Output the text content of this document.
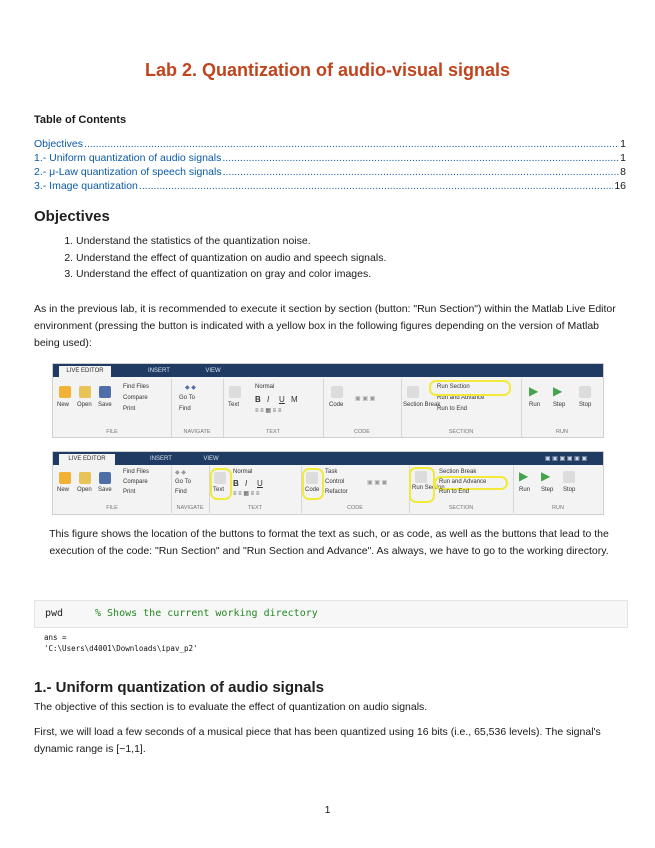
Lab 2. Quantization of audio-visual signals
Table of Contents
Objectives .....	1
1.- Uniform quantization of audio signals .....	1
2.- μ-Law quantization of speech signals .....	8
3.- Image quantization .....	16
Objectives
1. Understand the statistics of the quantization noise.
2. Understand the effect of quantization on audio and speech signals.
3. Understand the effect of quantization on gray and color images.

As in the previous lab, it is recommended to execute it section by section (button: "Run Section") within the Matlab Live Editor environment (pressing the button is indicated with a yellow box in the following figures depending on the version of Matlab being used):

LIVE EDITOR	INSERT	VIEW
New Open Save
Find Files
Compare
Print
FILE
◆ ◆
Go To
Find
NAVIGATE
Text
Normal
B I U M
≡ ≡ ▦ ≡ ≡
TEXT
Code
▣ ▣ ▣
CODE
Section Break
Run Section
Run and Advance
Run to End
SECTION
▶ ▶
Run Step Stop
RUN
LIVE EDITOR	INSERT	VIEW	▣ ▣ ▣ ▣ ▣ ▣
New Open Save
Find Files
Compare
Print
FILE
◆ ◆
Go To
Find
NAVIGATE
Text
Normal
B I U
≡ ≡ ▦ ≡ ≡
TEXT
Code
Task
Control
Refactor
▣ ▣ ▣
CODE
Run Section
Section Break
Run and Advance
Run to End
SECTION
▶ ▶
Run Step Stop
RUN
This figure shows the location of the buttons to format the text as such, or as code, as well as the buttons that lead to the execution of the code: "Run Section" and "Run Section and Advance". As always, we have to go to the working directory.
pwd	% Shows the current working directory
ans =
'C:\Users\d4001\Downloads\ipav_p2'
1.- Uniform quantization of audio signals

The objective of this section is to evaluate the effect of quantization on audio signals.

First, we will load a few seconds of a musical piece that has been quantized using 16 bits (i.e., 65,536 levels). The signal's dynamic range is [−1,1].

1
